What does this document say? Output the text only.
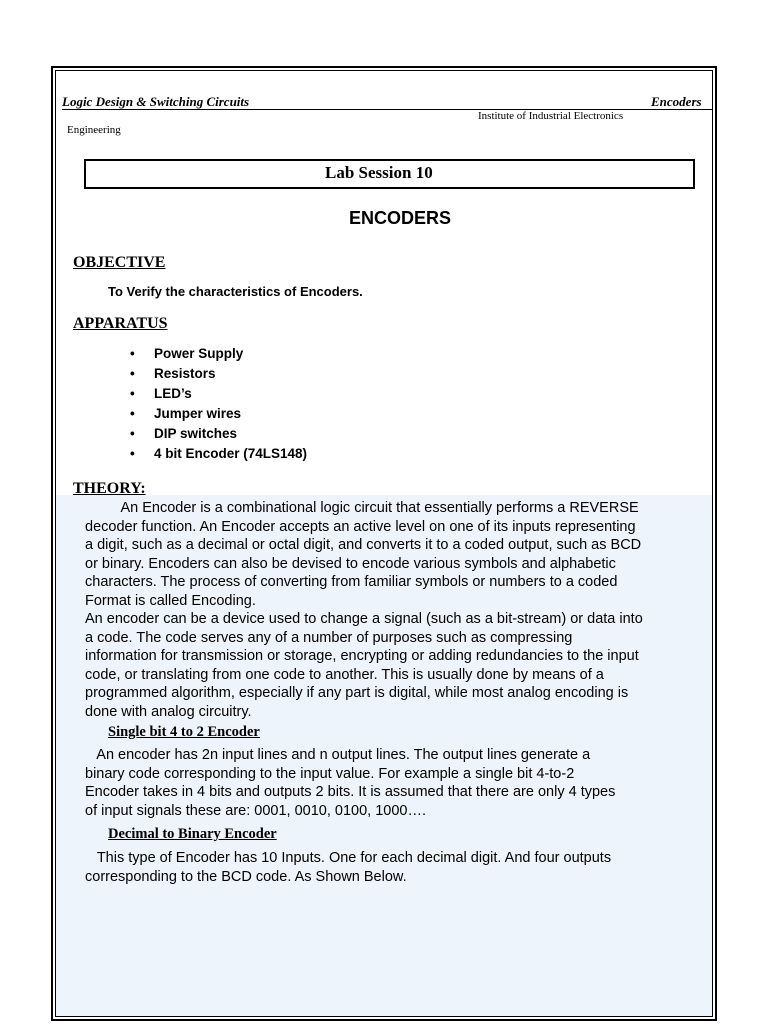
Logic Design & Switching Circuits	Encoders
Institute of Industrial Electronics
Engineering
Lab Session 10
ENCODERS
OBJECTIVE
To Verify the characteristics of Encoders.
APPARATUS
• Power Supply
• Resistors
• LED’s
• Jumper wires
• DIP switches
• 4 bit Encoder (74LS148)
THEORY:
An Encoder is a combinational logic circuit that essentially performs a REVERSE
decoder function. An Encoder accepts an active level on one of its inputs representing
a digit, such as a decimal or octal digit, and converts it to a coded output, such as BCD
or binary. Encoders can also be devised to encode various symbols and alphabetic
characters. The process of converting from familiar symbols or numbers to a coded
Format is called Encoding.
An encoder can be a device used to change a signal (such as a bit-stream) or data into
a code. The code serves any of a number of purposes such as compressing
information for transmission or storage, encrypting or adding redundancies to the input
code, or translating from one code to another. This is usually done by means of a
programmed algorithm, especially if any part is digital, while most analog encoding is
done with analog circuitry.
Single bit 4 to 2 Encoder
An encoder has 2n input lines and n output lines. The output lines generate a
binary code corresponding to the input value. For example a single bit 4-to-2
Encoder takes in 4 bits and outputs 2 bits. It is assumed that there are only 4 types
of input signals these are: 0001, 0010, 0100, 1000….
Decimal to Binary Encoder
This type of Encoder has 10 Inputs. One for each decimal digit. And four outputs
corresponding to the BCD code. As Shown Below.
